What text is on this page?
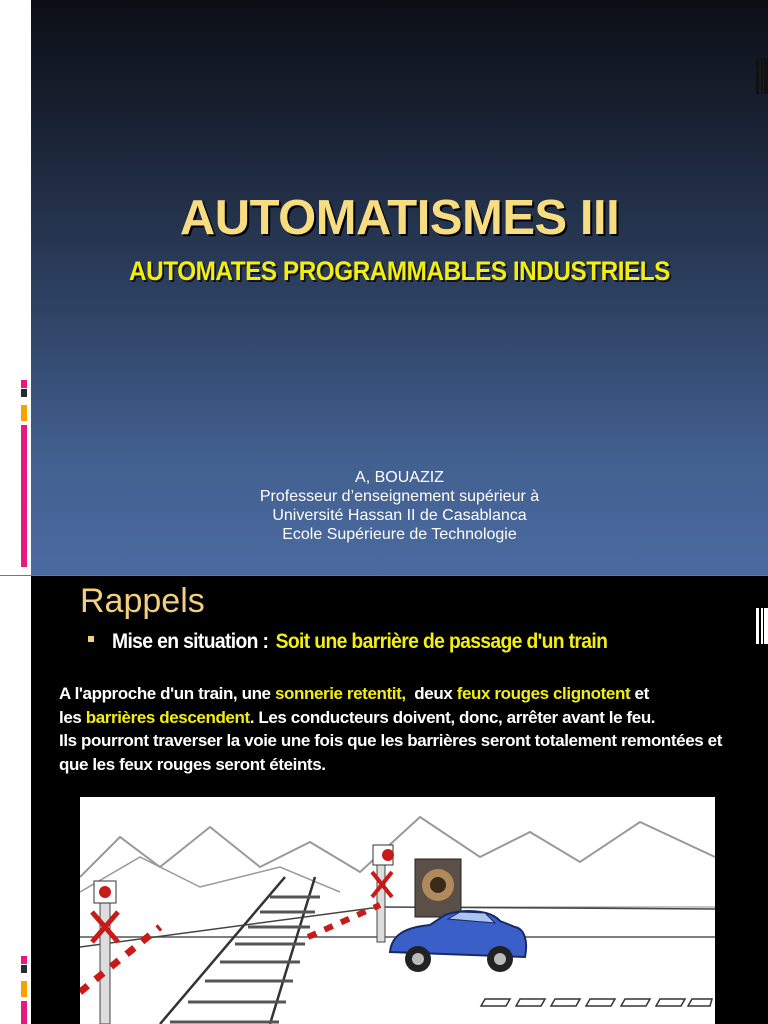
AUTOMATISMES III
AUTOMATES PROGRAMMABLES INDUSTRIELS
A, BOUAZIZ
Professeur d’enseignement supérieur à
Université Hassan II de Casablanca
Ecole Supérieure de Technologie
Rappels
Mise en situation : Soit une barrière de passage d'un train
A l'approche d'un train, une sonnerie retentit,  deux feux rouges clignotent et
les barrières descendent. Les conducteurs doivent, donc, arrêter avant le feu.
Ils pourront traverser la voie une fois que les barrières seront totalement remontées et
que les feux rouges seront éteints.
